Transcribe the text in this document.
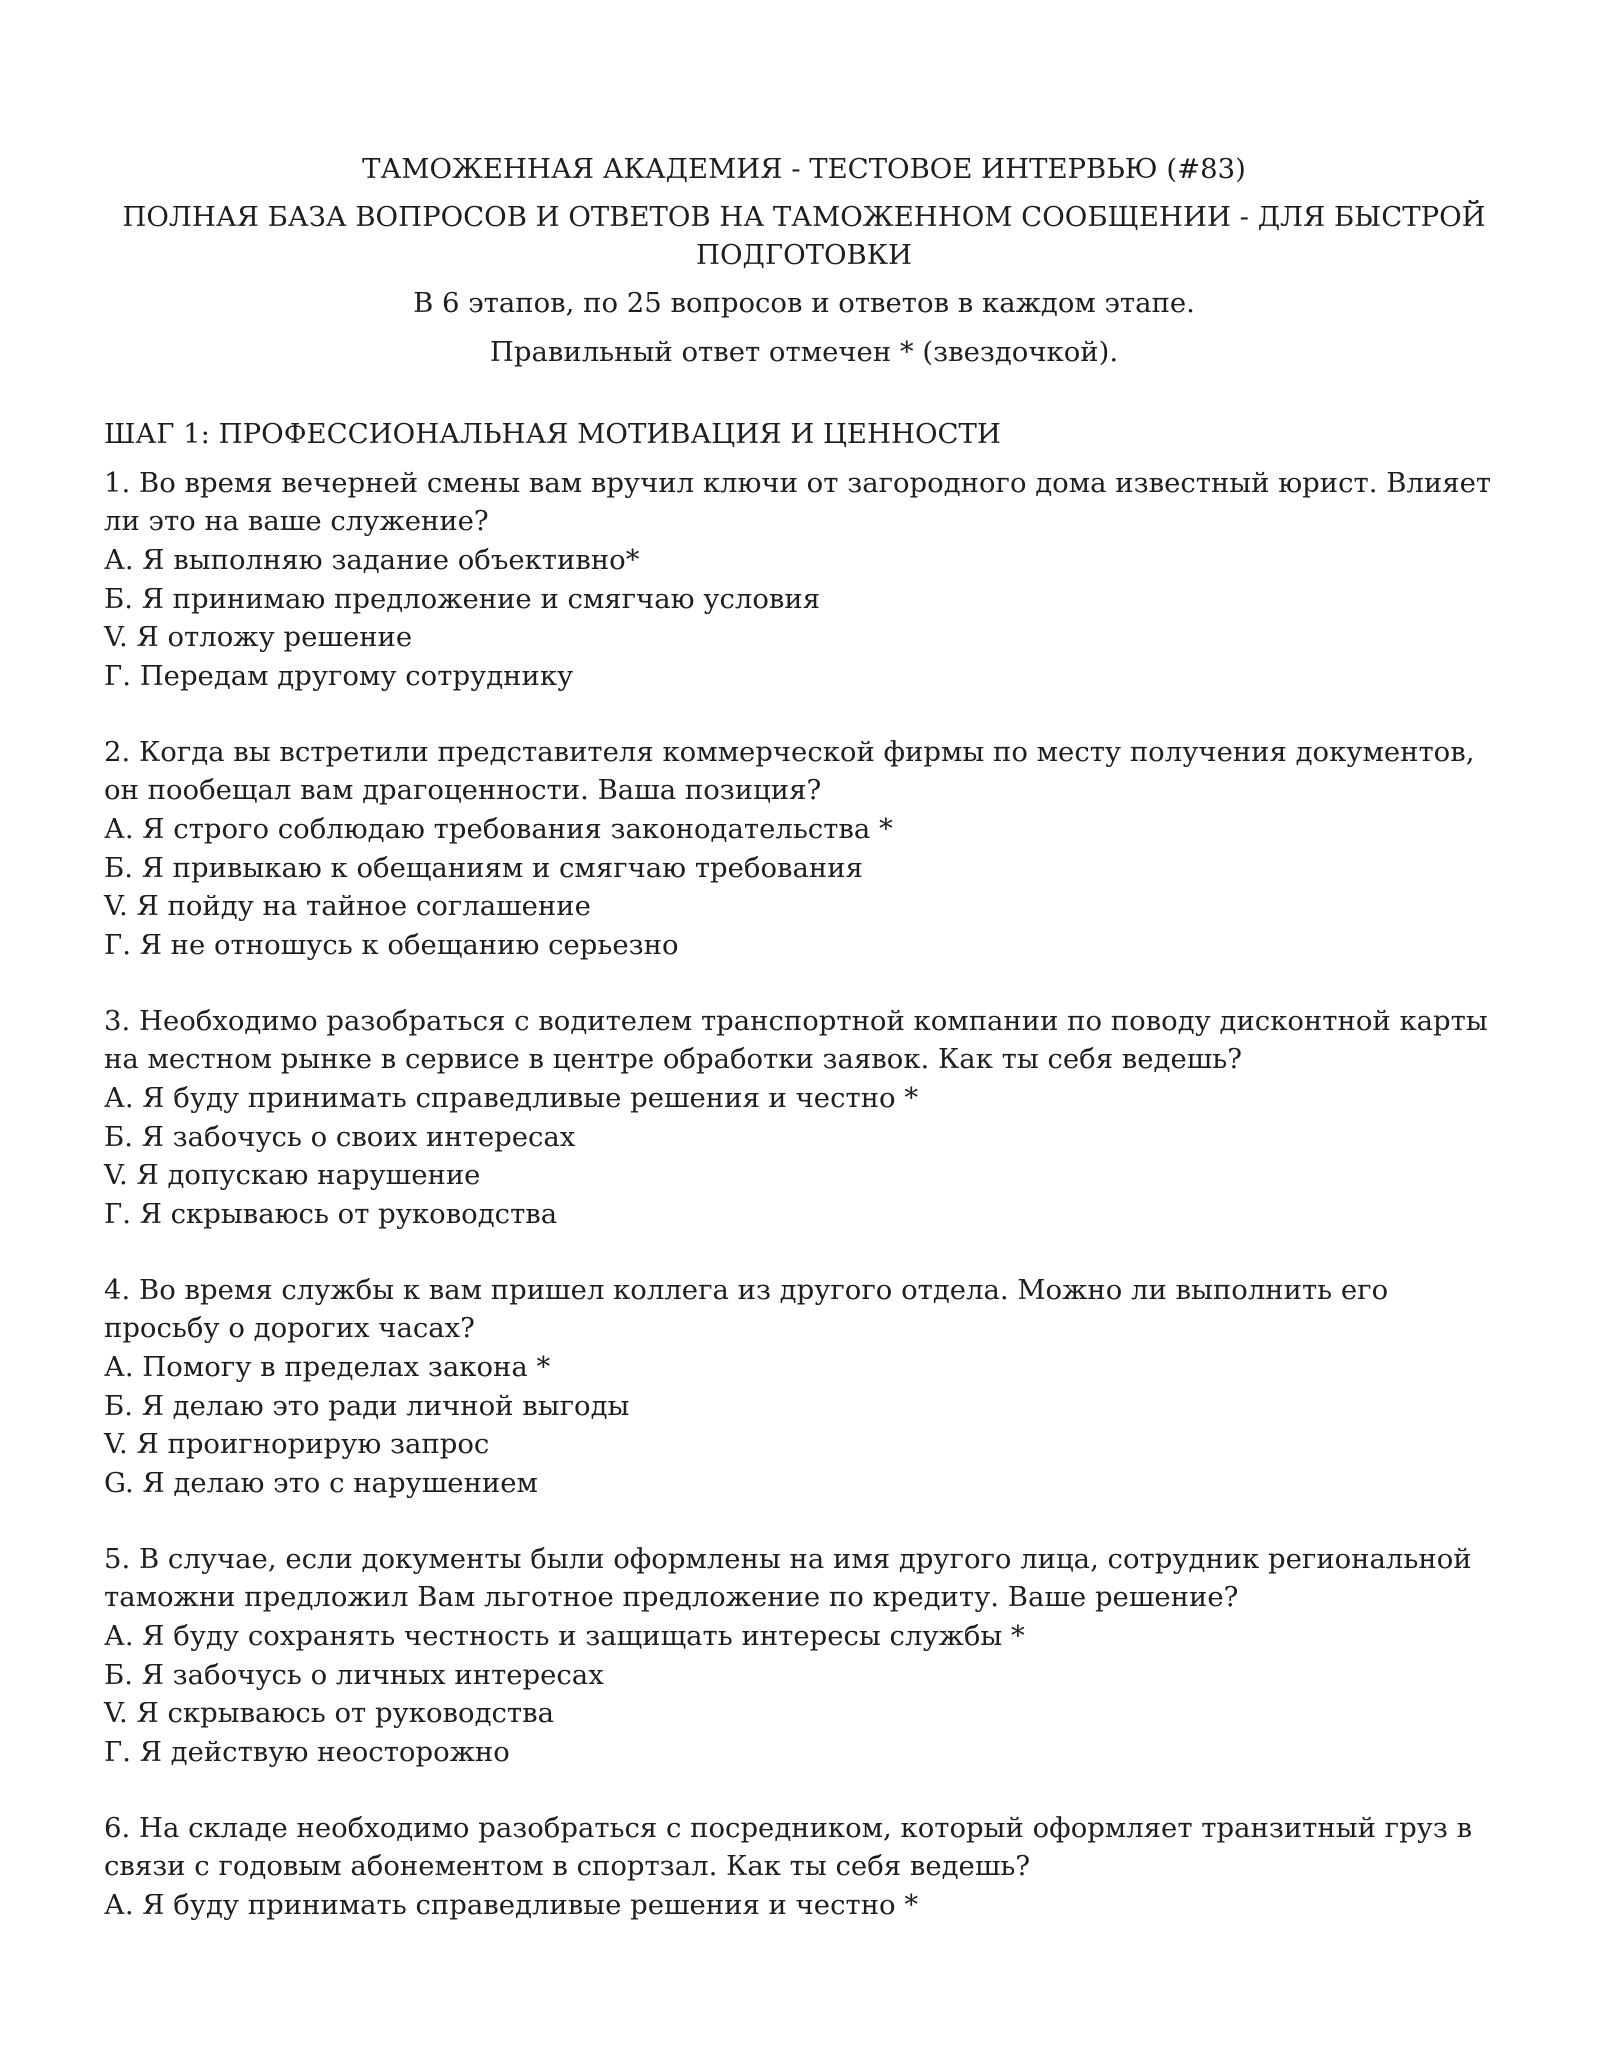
ТАМОЖЕННАЯ АКАДЕМИЯ - ТЕСТОВОЕ ИНТЕРВЬЮ (#83)

ПОЛНАЯ БАЗА ВОПРОСОВ И ОТВЕТОВ НА ТАМОЖЕННОМ СООБЩЕНИИ - ДЛЯ БЫСТРОЙ ПОДГОТОВКИ

В 6 этапов, по 25 вопросов и ответов в каждом этапе.

Правильный ответ отмечен * (звездочкой).

ШАГ 1: ПРОФЕССИОНАЛЬНАЯ МОТИВАЦИЯ И ЦЕННОСТИ

1. Во время вечерней смены вам вручил ключи от загородного дома известный юрист. Влияет ли это на ваше служение?

А. Я выполняю задание объективно*

Б. Я принимаю предложение и смягчаю условия

V. Я отложу решение

Г. Передам другому сотруднику

2. Когда вы встретили представителя коммерческой фирмы по месту получения документов, он пообещал вам драгоценности. Ваша позиция?

А. Я строго соблюдаю требования законодательства *

Б. Я привыкаю к обещаниям и смягчаю требования

V. Я пойду на тайное соглашение

Г. Я не отношусь к обещанию серьезно

3. Необходимо разобраться с водителем транспортной компании по поводу дисконтной карты на местном рынке в сервисе в центре обработки заявок. Как ты себя ведешь?

А. Я буду принимать справедливые решения и честно *

Б. Я забочусь о своих интересах

V. Я допускаю нарушение

Г. Я скрываюсь от руководства

4. Во время службы к вам пришел коллега из другого отдела. Можно ли выполнить его просьбу о дорогих часах?

А. Помогу в пределах закона *

Б. Я делаю это ради личной выгоды

V. Я проигнорирую запрос

G. Я делаю это с нарушением

5. В случае, если документы были оформлены на имя другого лица, сотрудник региональной таможни предложил Вам льготное предложение по кредиту. Ваше решение?

А. Я буду сохранять честность и защищать интересы службы *

Б. Я забочусь о личных интересах

V. Я скрываюсь от руководства

Г. Я действую неосторожно

6. На складе необходимо разобраться с посредником, который оформляет транзитный груз в связи с годовым абонементом в спортзал. Как ты себя ведешь?

А. Я буду принимать справедливые решения и честно *
